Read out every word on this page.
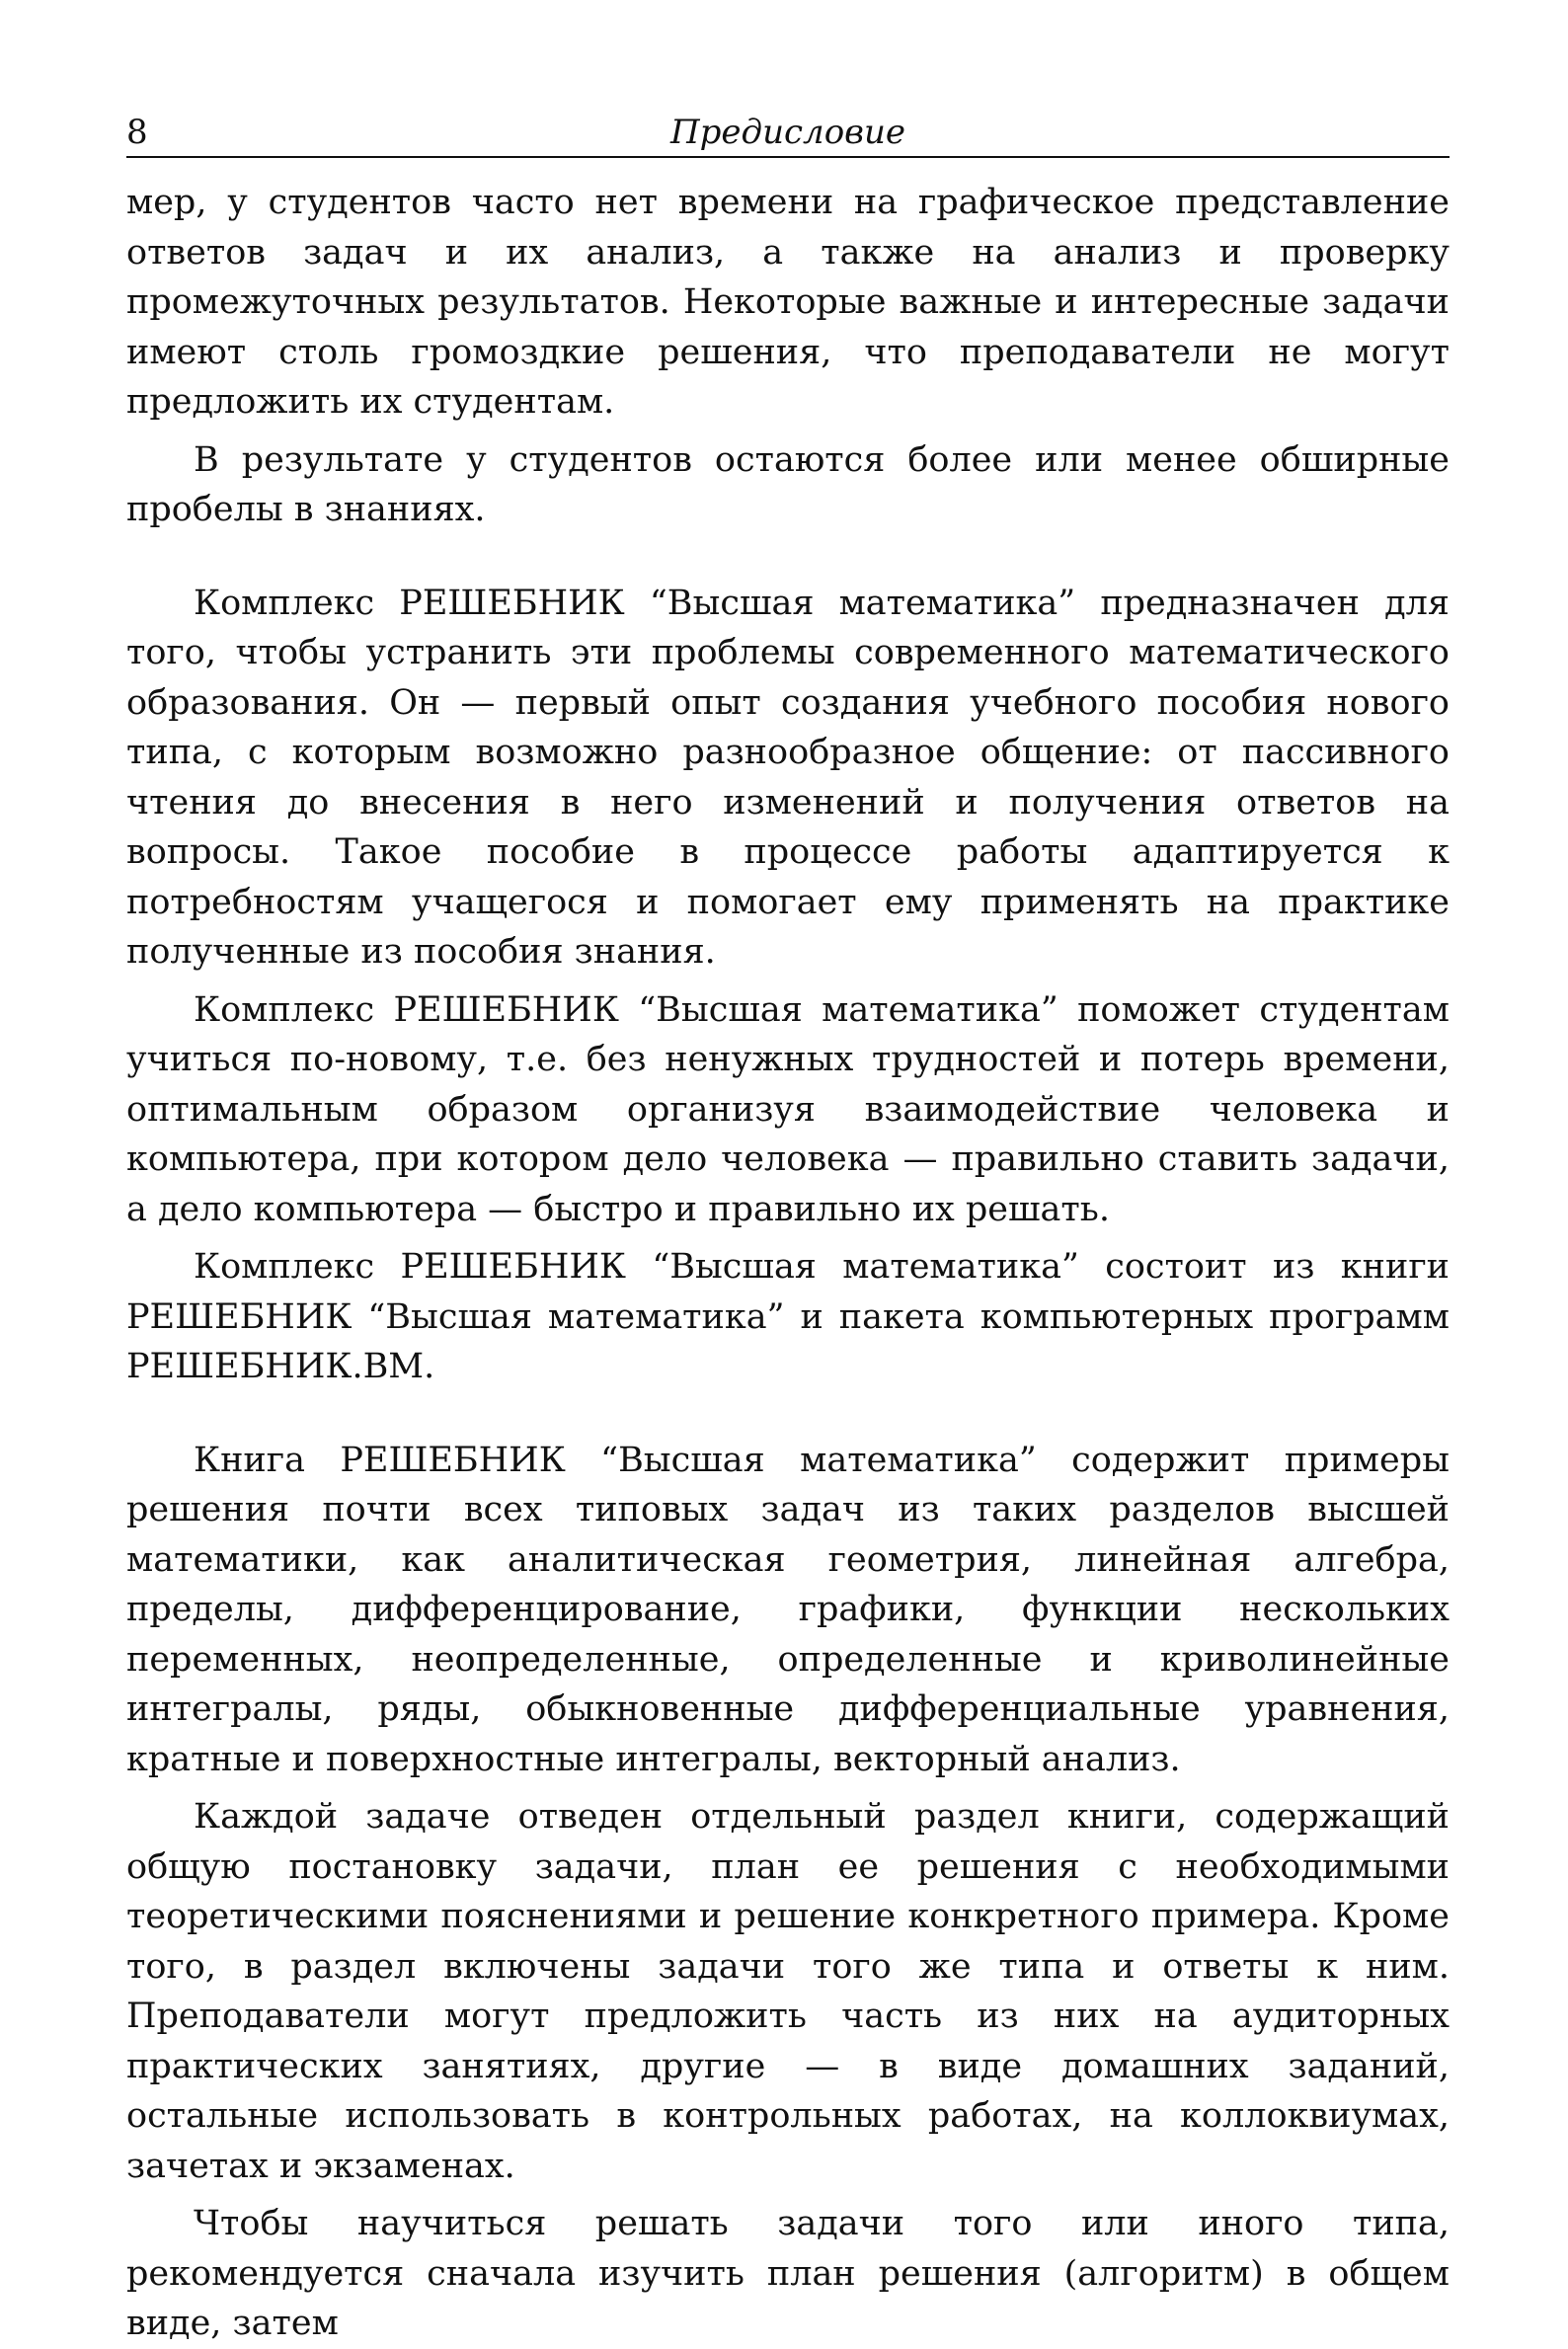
8	Предисловие

мер, у студентов часто нет времени на графическое представление ответов задач и их анализ, а также на анализ и проверку промежуточных результатов. Некоторые важные и интересные задачи имеют столь громоздкие решения, что преподаватели не могут предложить их студентам.

В результате у студентов остаются более или менее обширные пробелы в знаниях.

Комплекс РЕШЕБНИК “Высшая математика” предназначен для того, чтобы устранить эти проблемы современного математического образования. Он — первый опыт создания учебного пособия нового типа, с которым возможно разнообразное общение: от пассивного чтения до внесения в него изменений и получения ответов на вопросы. Такое пособие в процессе работы адаптируется к потребностям учащегося и помогает ему применять на практике полученные из пособия знания.

Комплекс РЕШЕБНИК “Высшая математика” поможет студентам учиться по-новому, т.е. без ненужных трудностей и потерь времени, оптимальным образом организуя взаимодействие человека и компьютера, при котором дело человека — правильно ставить задачи, а дело компьютера — быстро и правильно их решать.

Комплекс РЕШЕБНИК “Высшая математика” состоит из книги РЕШЕБНИК “Высшая математика” и пакета компьютерных программ РЕШЕБНИК.ВМ.

Книга РЕШЕБНИК “Высшая математика” содержит примеры решения почти всех типовых задач из таких разделов высшей математики, как аналитическая геометрия, линейная алгебра, пределы, дифференцирование, графики, функции нескольких переменных, неопределенные, определенные и криволинейные интегралы, ряды, обыкновенные дифференциальные уравнения, кратные и поверхностные интегралы, векторный анализ.

Каждой задаче отведен отдельный раздел книги, содержащий общую постановку задачи, план ее решения с необходимыми теоретическими пояснениями и решение конкретного примера. Кроме того, в раздел включены задачи того же типа и ответы к ним. Преподаватели могут предложить часть из них на аудиторных практических занятиях, другие — в виде домашних заданий, остальные использовать в контрольных работах, на коллоквиумах, зачетах и экзаменах.

Чтобы научиться решать задачи того или иного типа, рекомендуется сначала изучить план решения (алгоритм) в общем виде, затем
